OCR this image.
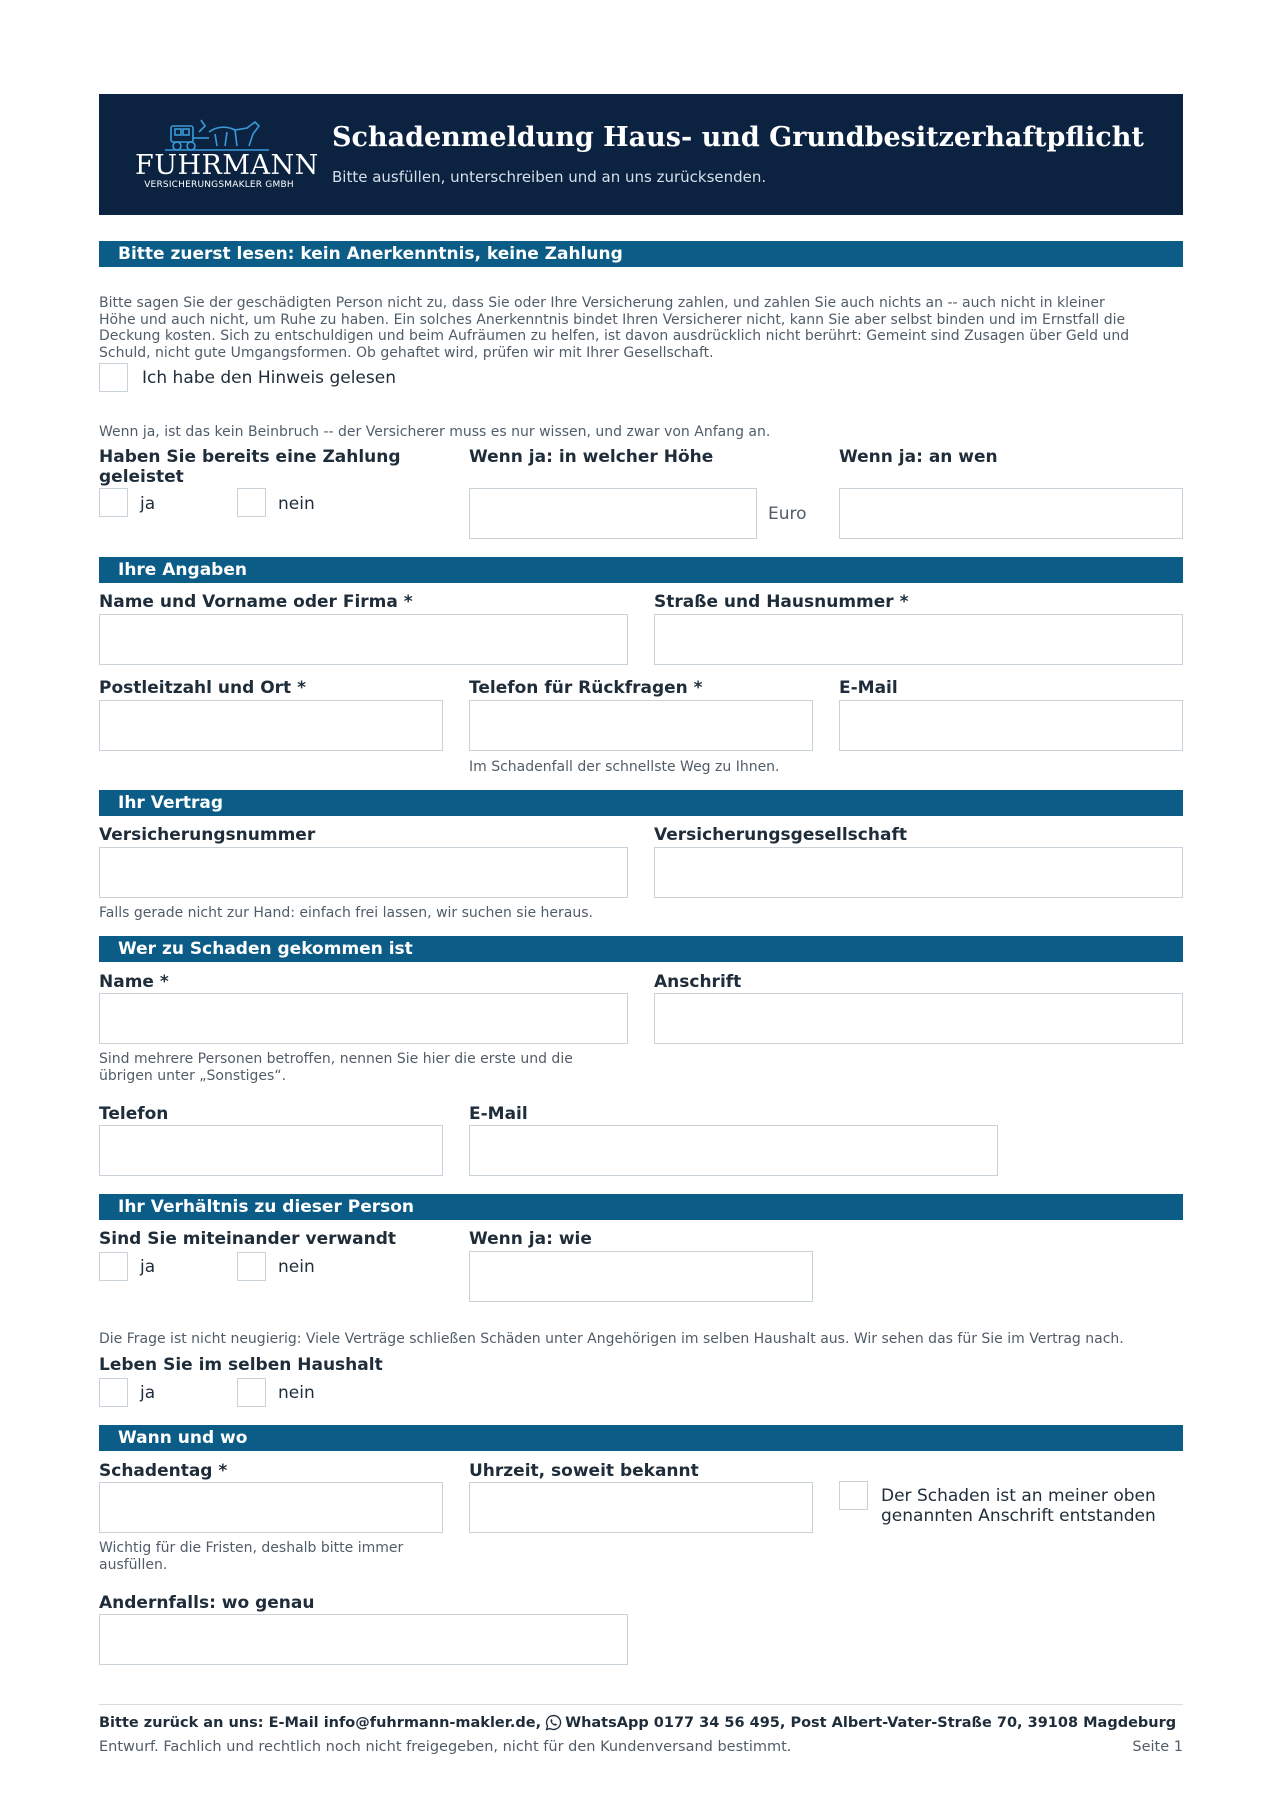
FUHRMANN
VERSICHERUNGSMAKLER GMBH
Schadenmeldung Haus- und Grundbesitzerhaftpflicht
Bitte ausfüllen, unterschreiben und an uns zurücksenden.
Bitte zuerst lesen: kein Anerkenntnis, keine Zahlung
Bitte sagen Sie der geschädigten Person nicht zu, dass Sie oder Ihre Versicherung zahlen, und zahlen Sie auch nichts an -- auch nicht in kleiner
Höhe und auch nicht, um Ruhe zu haben. Ein solches Anerkenntnis bindet Ihren Versicherer nicht, kann Sie aber selbst binden und im Ernstfall die
Deckung kosten. Sich zu entschuldigen und beim Aufräumen zu helfen, ist davon ausdrücklich nicht berührt: Gemeint sind Zusagen über Geld und
Schuld, nicht gute Umgangsformen. Ob gehaftet wird, prüfen wir mit Ihrer Gesellschaft.
Ich habe den Hinweis gelesen
Wenn ja, ist das kein Beinbruch -- der Versicherer muss es nur wissen, und zwar von Anfang an.
Haben Sie bereits eine Zahlung
geleistet
Wenn ja: in welcher Höhe	Wenn ja: an wen
ja	nein	Euro
Ihre Angaben
Name und Vorname oder Firma *	Straße und Hausnummer *
Postleitzahl und Ort *	Telefon für Rückfragen *	E-Mail
Im Schadenfall der schnellste Weg zu Ihnen.
Ihr Vertrag
Versicherungsnummer	Versicherungsgesellschaft
Falls gerade nicht zur Hand: einfach frei lassen, wir suchen sie heraus.
Wer zu Schaden gekommen ist
Name *	Anschrift
Sind mehrere Personen betroffen, nennen Sie hier die erste und die
übrigen unter „Sonstiges“.
Telefon	E-Mail
Ihr Verhältnis zu dieser Person
Sind Sie miteinander verwandt	Wenn ja: wie
ja	nein
Die Frage ist nicht neugierig: Viele Verträge schließen Schäden unter Angehörigen im selben Haushalt aus. Wir sehen das für Sie im Vertrag nach.
Leben Sie im selben Haushalt
ja	nein
Wann und wo
Schadentag *	Uhrzeit, soweit bekannt
Der Schaden ist an meiner oben
genannten Anschrift entstanden
Wichtig für die Fristen, deshalb bitte immer
ausfüllen.
Andernfalls: wo genau
Bitte zurück an uns: E-Mail info@fuhrmann-makler.de, WhatsApp 0177 34 56 495, Post Albert-Vater-Straße 70, 39108 Magdeburg
Entwurf. Fachlich und rechtlich noch nicht freigegeben, nicht für den Kundenversand bestimmt.	Seite 1
